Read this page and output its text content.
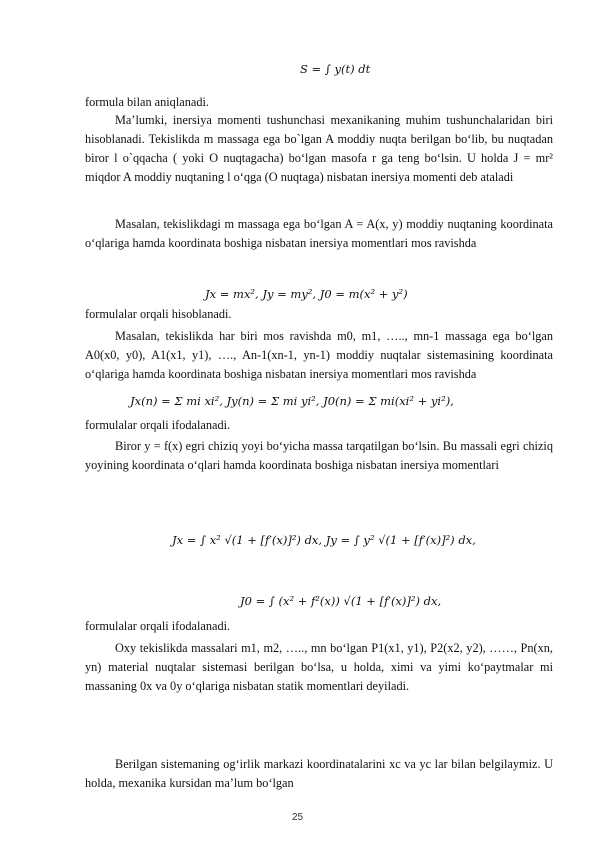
S = ∫ y(t) dt
formula bilan aniqlanadi.
Ma’lumki, inersiya momenti tushunchasi mexanikaning muhim tushunchalaridan biri hisoblanadi. Tekislikda m massaga ega bo`lgan A moddiy nuqta berilgan bo‘lib, bu nuqtadan biror l o`qqacha ( yoki O nuqtagacha) bo‘lgan masofa r ga teng bo‘lsin. U holda J = mr² miqdor A moddiy nuqtaning l o‘qga (O nuqtaga) nisbatan inersiya momenti deb ataladi
Masalan, tekislikdagi m massaga ega bo‘lgan A = A(x, y) moddiy nuqtaning koordinata o‘qlariga hamda koordinata boshiga nisbatan inersiya momentlari mos ravishda
formulalar orqali hisoblanadi.
Masalan, tekislikda har biri mos ravishda m0, m1, ….., mn-1 massaga ega bo‘lgan A0(x0, y0), A1(x1, y1), …., An-1(xn-1, yn-1) moddiy nuqtalar sistemasining koordinata o‘qlariga hamda koordinata boshiga nisbatan inersiya momentlari mos ravishda
formulalar orqali ifodalanadi.
Biror y = f(x) egri chiziq yoyi bo‘yicha massa tarqatilgan bo‘lsin. Bu massali egri chiziq yoyining koordinata o‘qlari hamda koordinata boshiga nisbatan inersiya momentlari
formulalar orqali ifodalanadi.
Oxy tekislikda massalari m1, m2, ….., mn bo‘lgan P1(x1, y1), P2(x2, y2), ……, Pn(xn, yn) material nuqtalar sistemasi berilgan bo‘lsa, u holda, ximi va yimi ko‘paytmalar mi massaning 0x va 0y o‘qlariga nisbatan statik momentlari deyiladi.
Berilgan sistemaning og‘irlik markazi koordinatalarini xc va yc lar bilan belgilaymiz. U holda, mexanika kursidan ma’lum bo‘lgan
Jx = mx², Jy = my², J0 = m(x² + y²)
Jx(n) = Σ mi xi², Jy(n) = Σ mi yi², J0(n) = Σ mi(xi² + yi²),
Jx = ∫ x² √(1 + [f′(x)]²) dx, Jy = ∫ y² √(1 + [f′(x)]²) dx,
J0 = ∫ (x² + f²(x)) √(1 + [f′(x)]²) dx,
25
